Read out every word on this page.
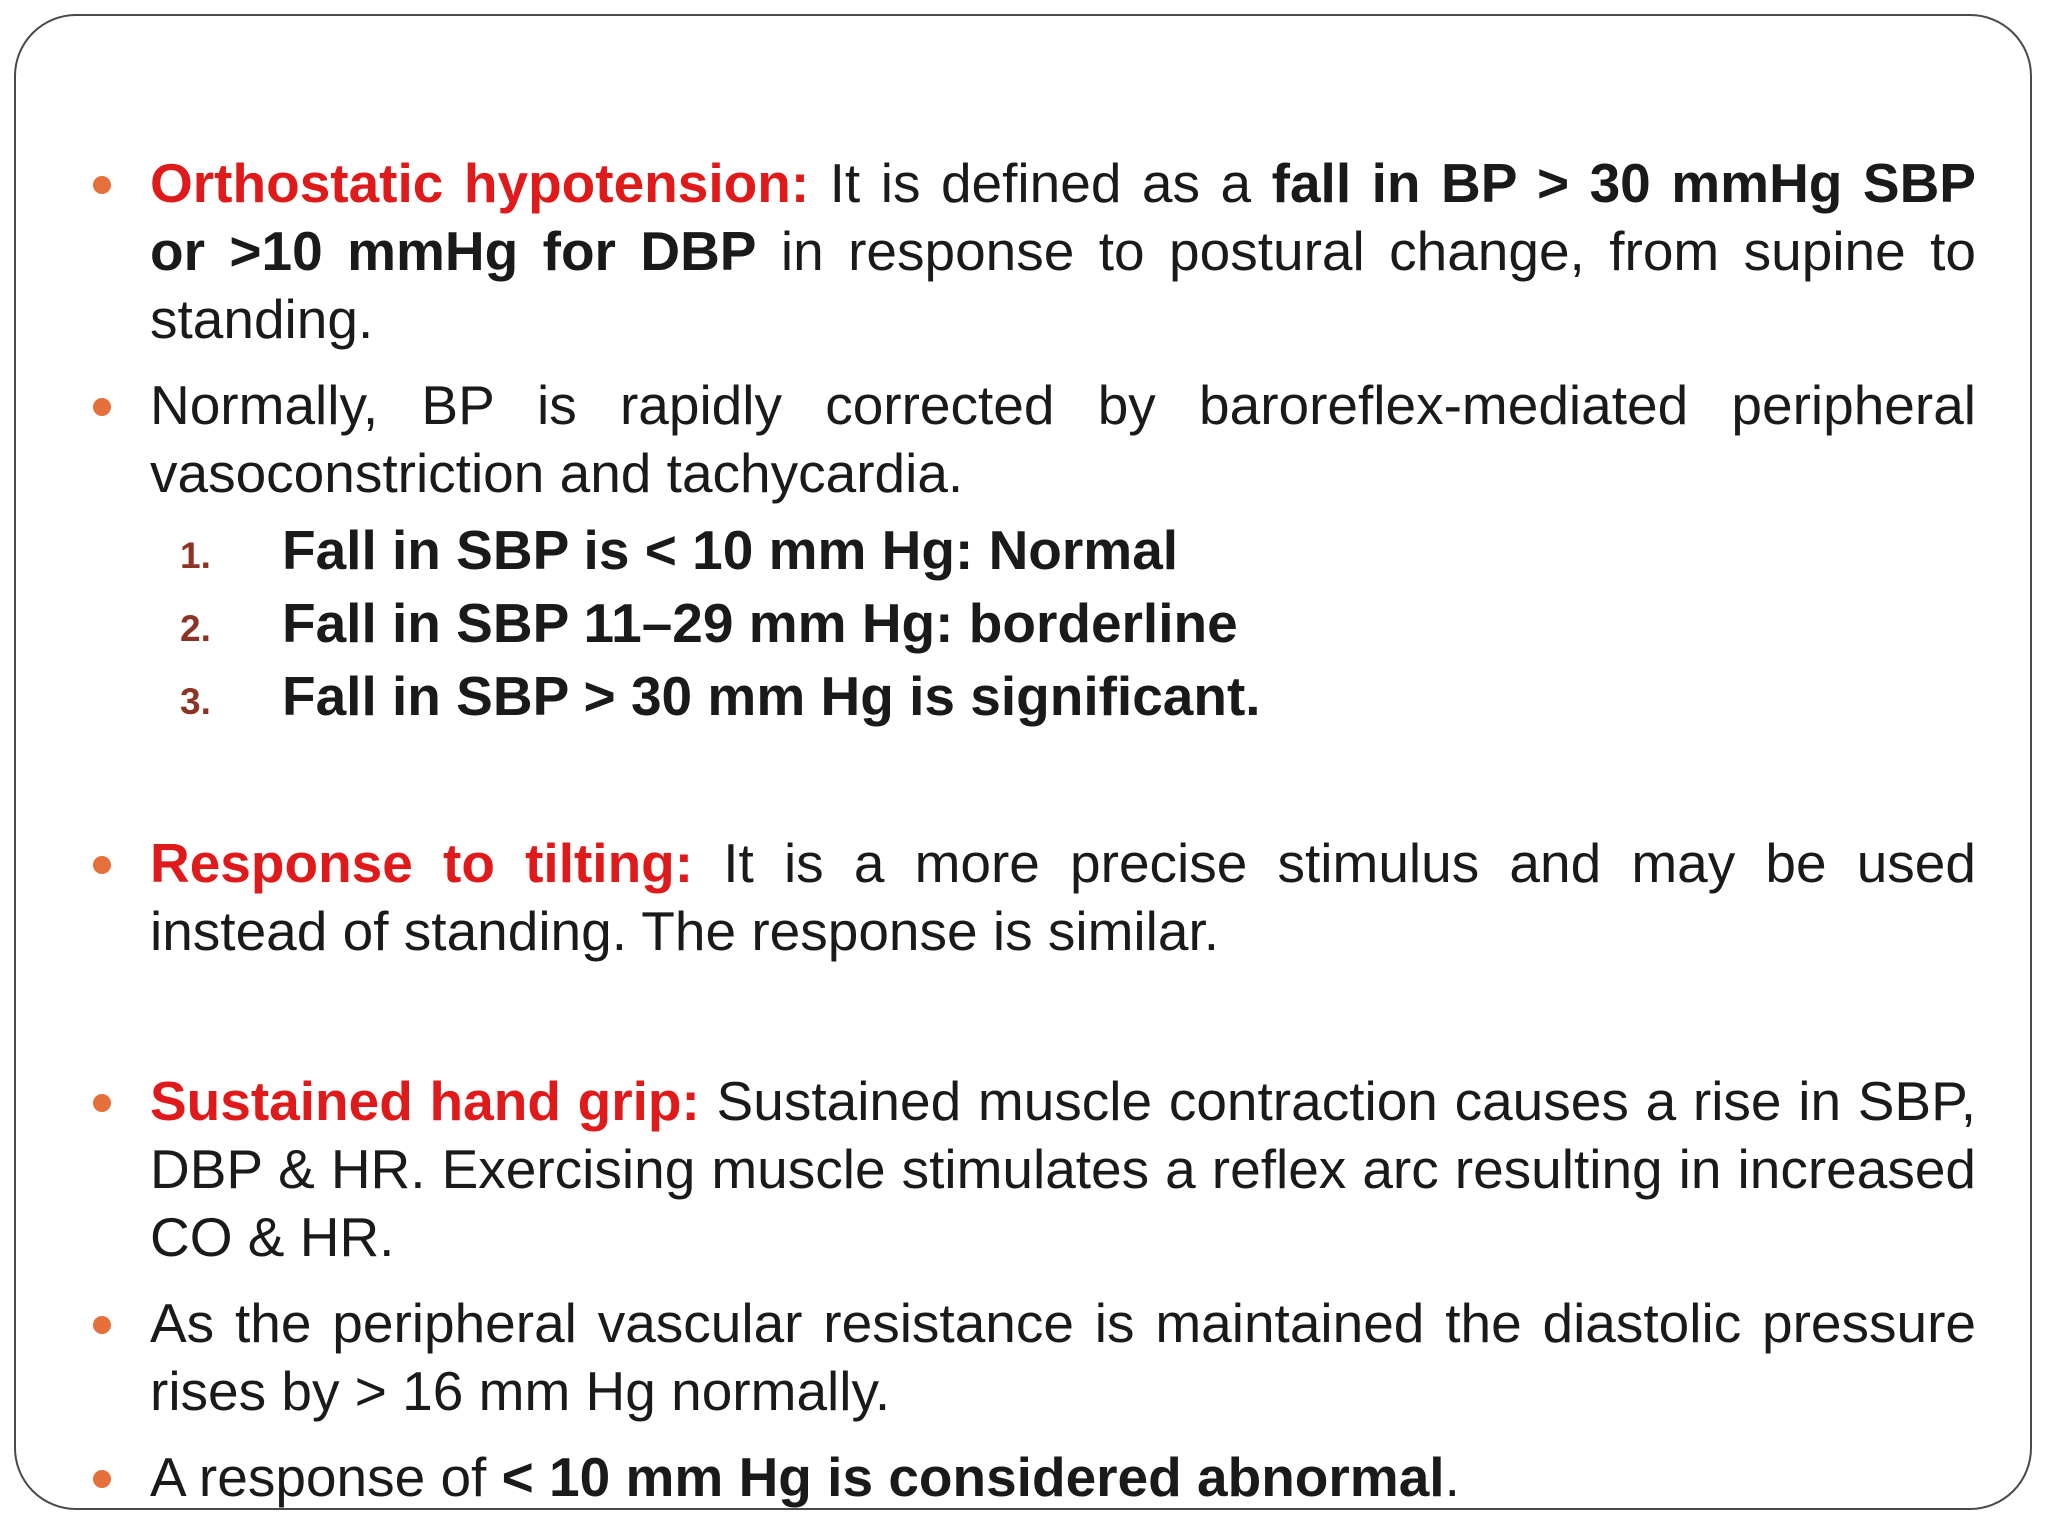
Orthostatic hypotension: It is defined as a fall in BP > 30 mmHg SBP or >10 mmHg for DBP in response to postural change, from supine to standing.
Normally, BP is rapidly corrected by baroreflex-mediated peripheral vasoconstriction and tachycardia.
1. Fall in SBP is < 10 mm Hg: Normal
2. Fall in SBP 11–29 mm Hg: borderline
3. Fall in SBP > 30 mm Hg is significant.
Response to tilting: It is a more precise stimulus and may be used instead of standing. The response is similar.
Sustained hand grip: Sustained muscle contraction causes a rise in SBP, DBP & HR. Exercising muscle stimulates a reflex arc resulting in increased CO & HR.
As the peripheral vascular resistance is maintained the diastolic pressure rises by > 16 mm Hg normally.
A response of < 10 mm Hg is considered abnormal.
